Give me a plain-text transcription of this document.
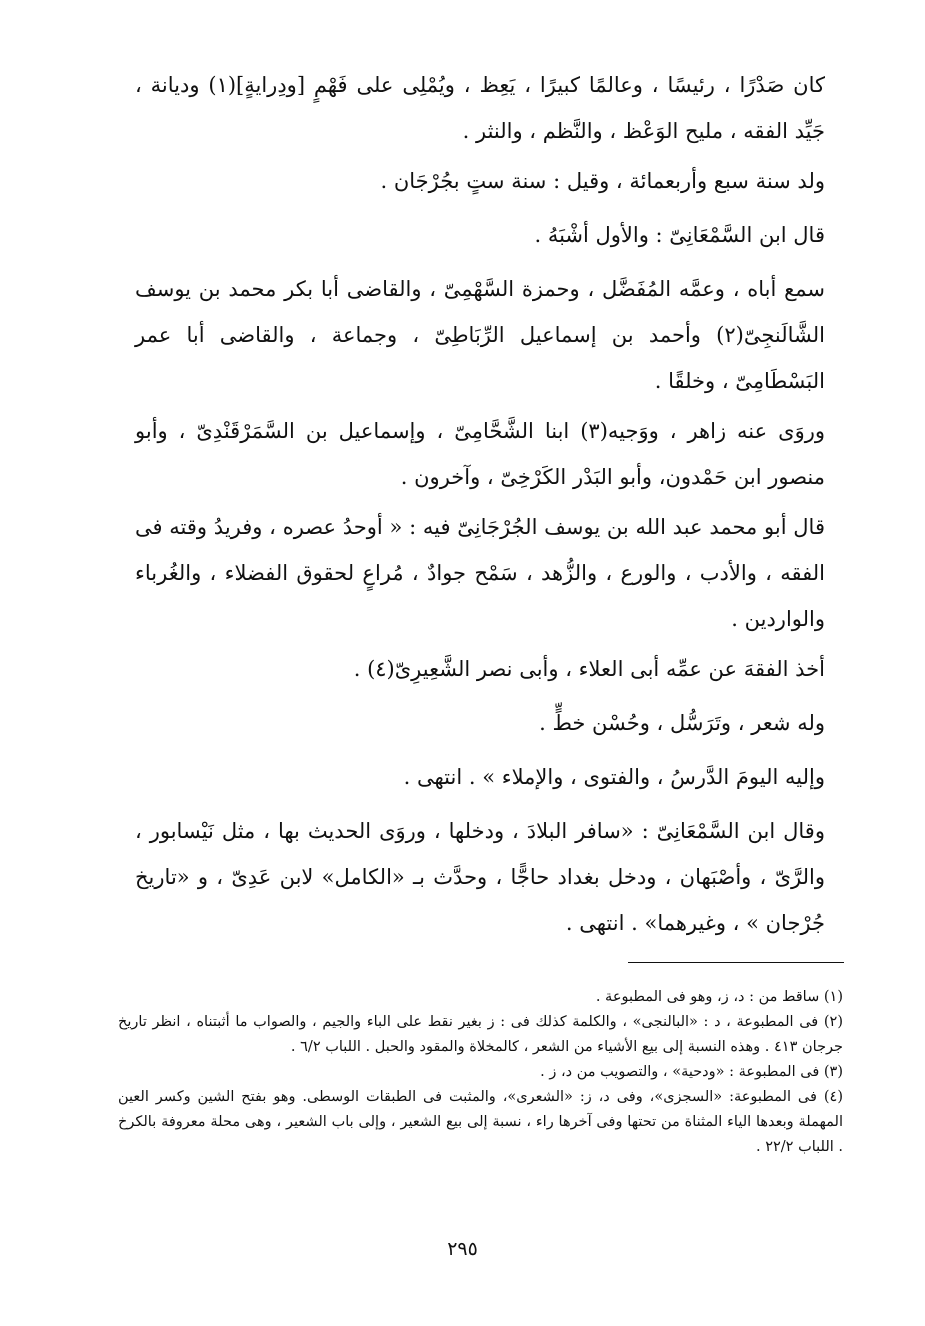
كان صَدْرًا ، رئيسًا ، وعالمًا كبيرًا ، يَعِظ ، ويُمْلِى على فَهْمٍ [ودِرايةٍ](١) وديانة ، جَيِّد الفقه ، مليح الوَعْظ ، والنَّظم ، والنثر .

ولد سنة سبع وأربعمائة ، وقيل : سنة ستٍ بجُرْجَان .

قال ابن السَّمْعَانِىّ : والأول أشْبَهُ .

سمع أباه ، وعمَّه المُفَضَّل ، وحمزة السَّهْمِىّ ، والقاضى أبا بكر محمد بن يوسف الشَّالَنجِىّ(٢) وأحمد بن إسماعيل الرِّبَاطِىّ ، وجماعة ، والقاضى أبا عمر البَسْطَامِىّ ، وخلقًا .

وروَى عنه زاهر ، ووَجيه(٣) ابنا الشَّحَّامِىّ ، وإسماعيل بن السَّمَرْقَنْدِىّ ، وأبو منصور ابن حَمْدون، وأبو البَدْر الكَرْخِىّ ، وآخرون .

قال أبو محمد عبد الله بن يوسف الجُرْجَانِىّ فيه : « أوحدُ عصره ، وفريدُ وقته فى الفقه ، والأدب ، والورع ، والزُّهد ، سَمْح جوادٌ ، مُراعٍ لحقوق الفضلاء ، والغُرباء والواردين .

أخذ الفقهَ عن عمِّه أبى العلاء ، وأبى نصر الشَّعِيرِىّ(٤) .

وله شعر ، وتَرَسُّل ، وحُسْن خطٍّ .

وإليه اليومَ الدَّرسُ ، والفتوى ، والإملاء » . انتهى .

وقال ابن السَّمْعَانِىّ : «سافر البلادَ ، ودخلها ، وروَى الحديث بها ، مثل نَيْسابور ، والرَّىّ ، وأصْبَهان ، ودخل بغداد حاجًّا ، وحدَّث بـ «الكامل» لابن عَدِىّ ، و «تاريخ جُرْجان » ، وغيرهما» . انتهى .

(١) ساقط من : د، ز، وهو فى المطبوعة .

(٢) فى المطبوعة ، د : «البالنجى» ، والكلمة كذلك فى : ز بغير نقط على الباء والجيم ، والصواب ما أثبتناه ، انظر تاريخ جرجان ٤١٣ . وهذه النسبة إلى بيع الأشياء من الشعر ، كالمخلاة والمقود والحبل . اللباب ٦/٢ .

(٣) فى المطبوعة : «ودحية» ، والتصويب من د، ز .

(٤) فى المطبوعة: «السجزى»، وفى د، ز: «الشعرى»، والمثبت فى الطبقات الوسطى. وهو بفتح الشين وكسر العين المهملة وبعدها الياء المثناة من تحتها وفى آخرها راء ، نسبة إلى بيع الشعير ، وإلى باب الشعير ، وهى محلة معروفة بالكرخ . اللباب ٢٢/٢ .

٢٩٥
